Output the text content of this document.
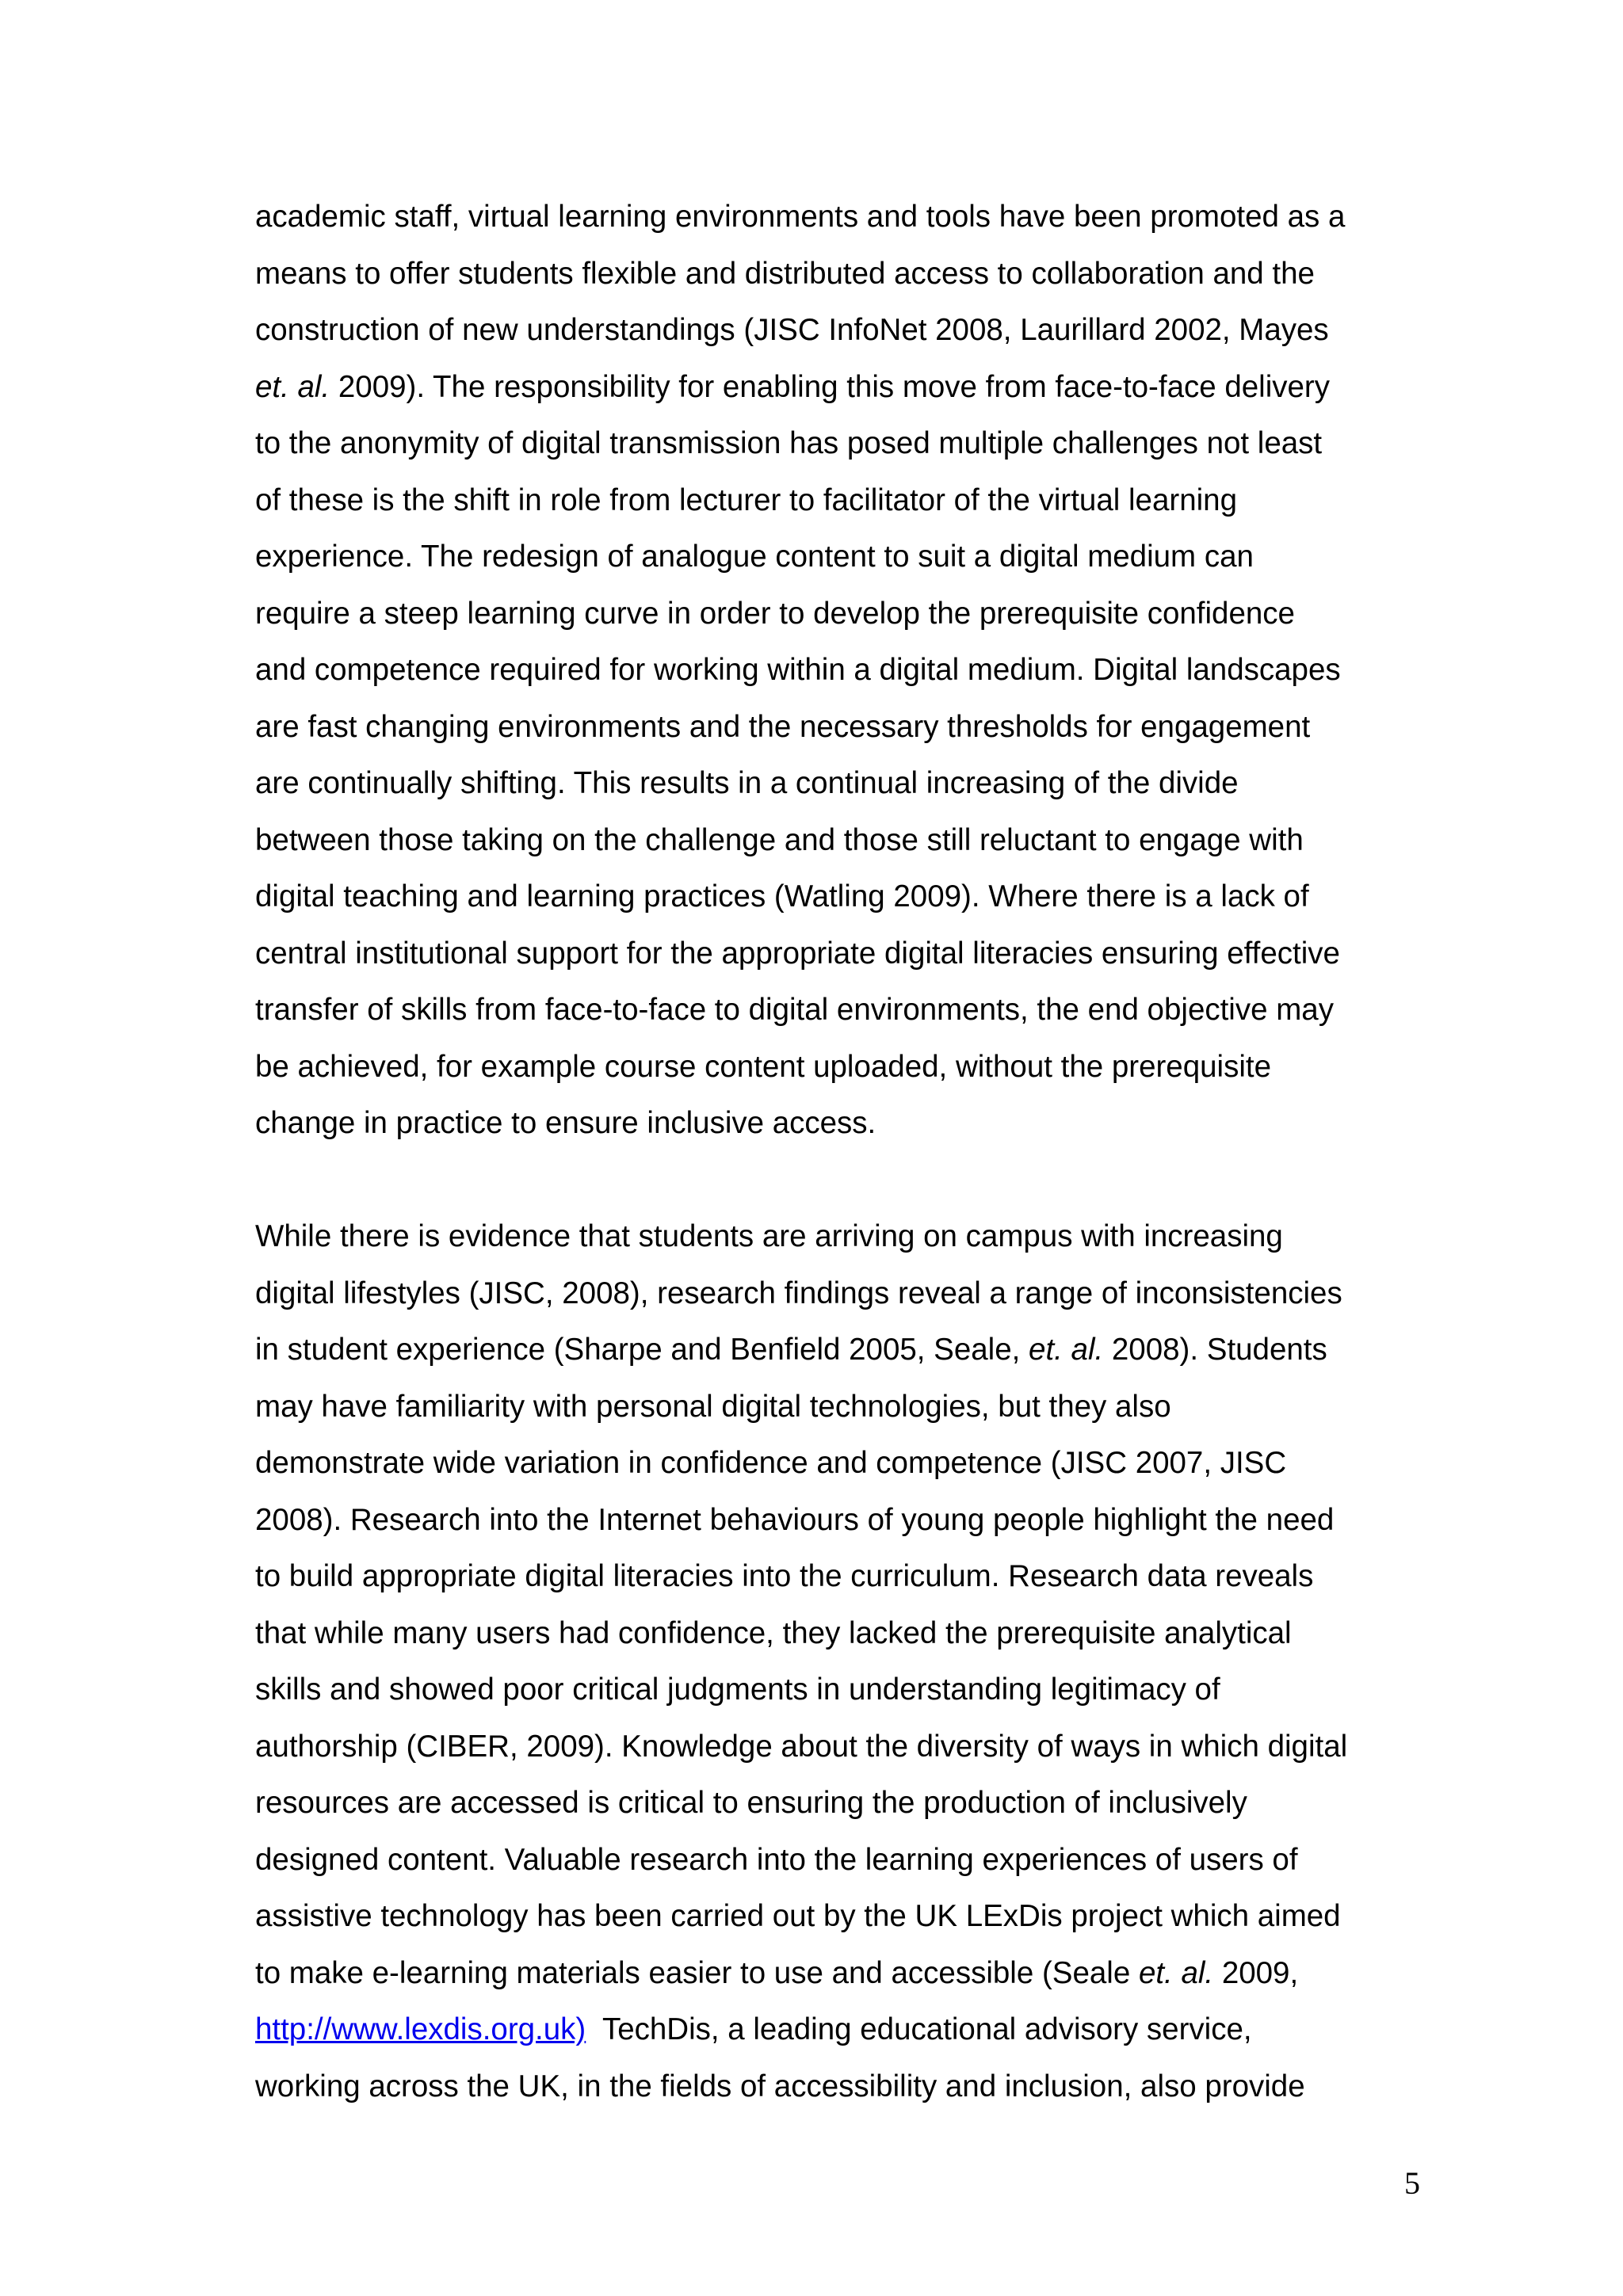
academic staff, virtual learning environments and tools have been promoted as a
means to offer students flexible and distributed access to collaboration and the
construction of new understandings (JISC InfoNet 2008, Laurillard 2002, Mayes
et. al. 2009). The responsibility for enabling this move from face-to-face delivery
to the anonymity of digital transmission has posed multiple challenges not least
of these is the shift in role from lecturer to facilitator of the virtual learning
experience. The redesign of analogue content to suit a digital medium can
require a steep learning curve in order to develop the prerequisite confidence
and competence required for working within a digital medium. Digital landscapes
are fast changing environments and the necessary thresholds for engagement
are continually shifting. This results in a continual increasing of the divide
between those taking on the challenge and those still reluctant to engage with
digital teaching and learning practices (Watling 2009). Where there is a lack of
central institutional support for the appropriate digital literacies ensuring effective
transfer of skills from face-to-face to digital environments, the end objective may
be achieved, for example course content uploaded, without the prerequisite
change in practice to ensure inclusive access.
While there is evidence that students are arriving on campus with increasing
digital lifestyles (JISC, 2008), research findings reveal a range of inconsistencies
in student experience (Sharpe and Benfield 2005, Seale, et. al. 2008). Students
may have familiarity with personal digital technologies, but they also
demonstrate wide variation in confidence and competence (JISC 2007, JISC
2008). Research into the Internet behaviours of young people highlight the need
to build appropriate digital literacies into the curriculum. Research data reveals
that while many users had confidence, they lacked the prerequisite analytical
skills and showed poor critical judgments in understanding legitimacy of
authorship (CIBER, 2009). Knowledge about the diversity of ways in which digital
resources are accessed is critical to ensuring the production of inclusively
designed content. Valuable research into the learning experiences of users of
assistive technology has been carried out by the UK LExDis project which aimed
to make e-learning materials easier to use and accessible (Seale et. al. 2009,
http://www.lexdis.org.uk)  TechDis, a leading educational advisory service,
working across the UK, in the fields of accessibility and inclusion, also provide
5
